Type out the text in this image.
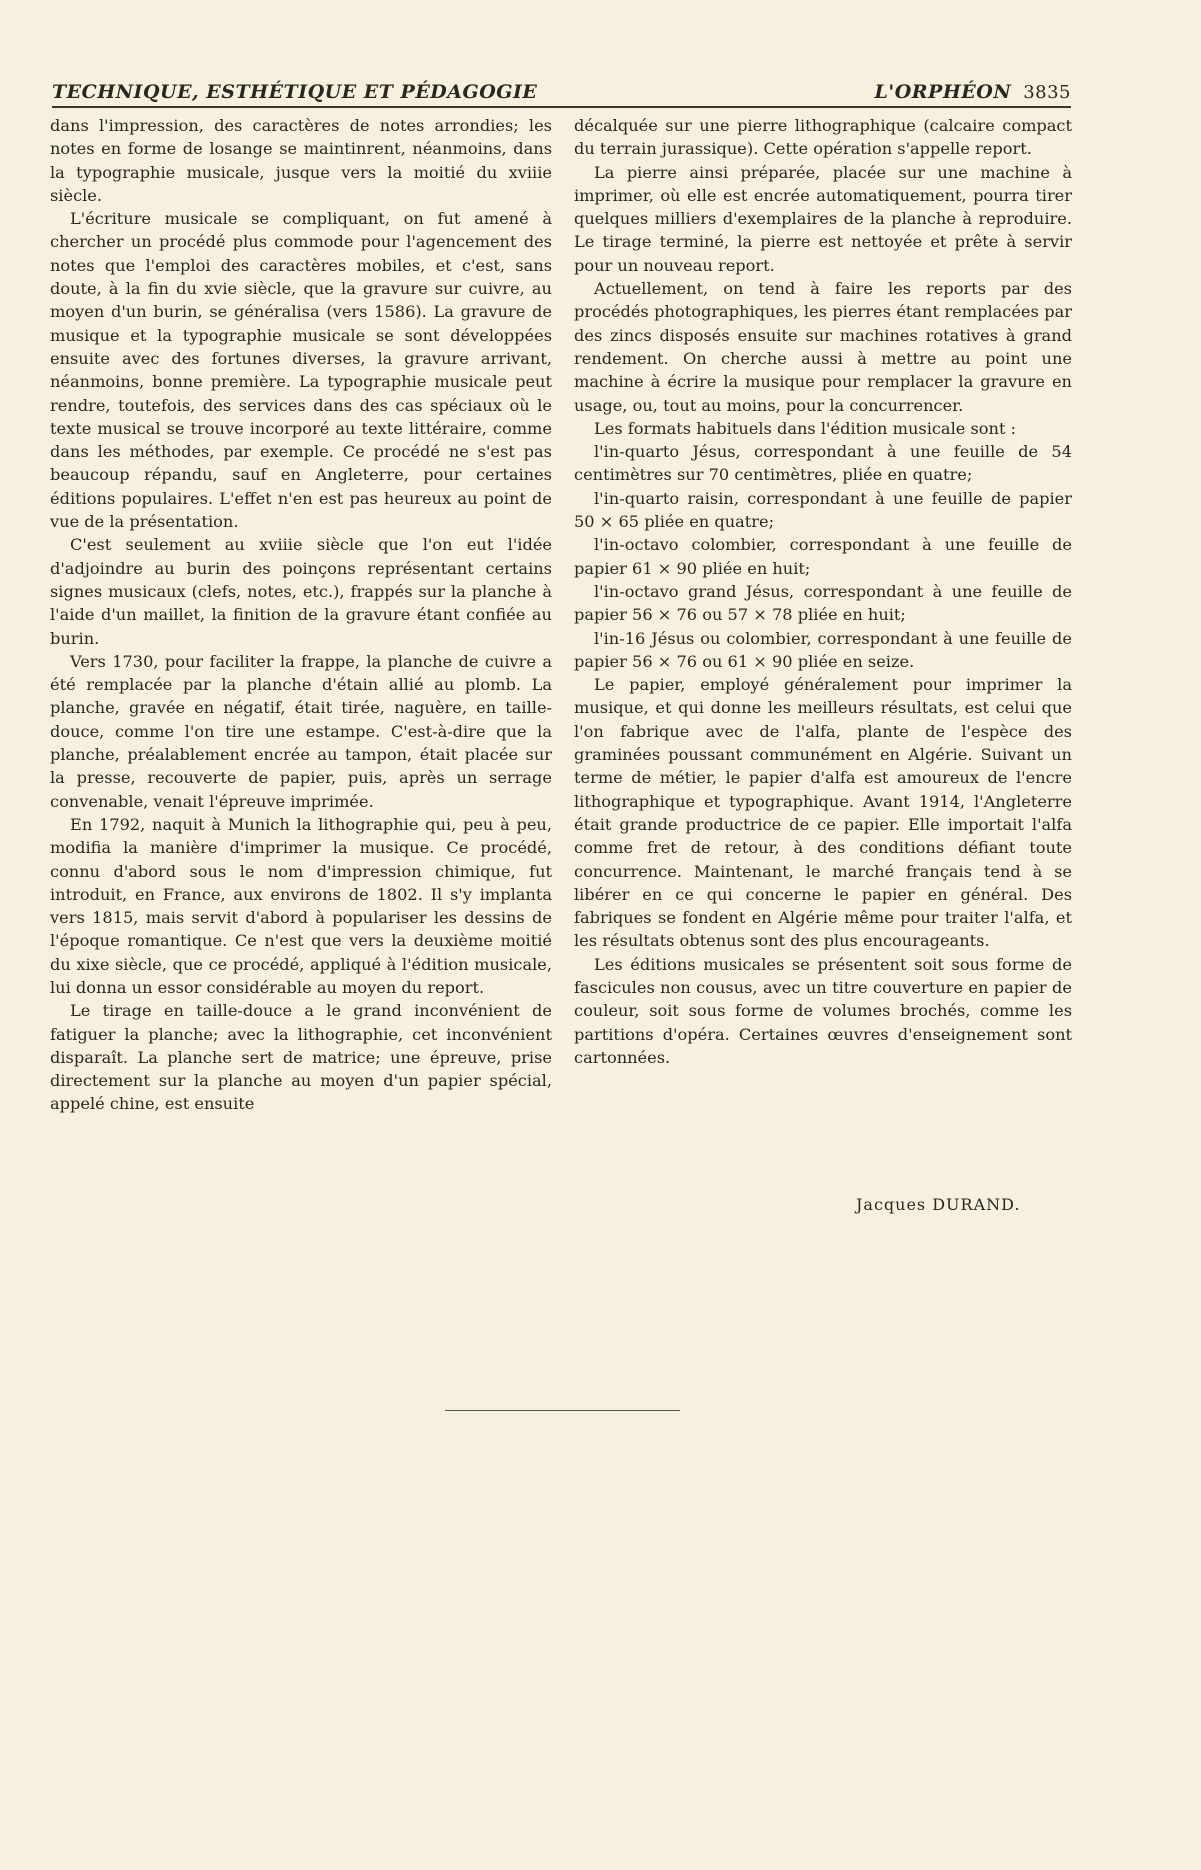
TECHNIQUE, ESTHÉTIQUE ET PÉDAGOGIE	L'ORPHÉON 3835

dans l'impression, des caractères de notes arrondies; les notes en forme de losange se maintinrent, néanmoins, dans la typographie musicale, jusque vers la moitié du xviiie siècle.

L'écriture musicale se compliquant, on fut amené à chercher un procédé plus commode pour l'agencement des notes que l'emploi des caractères mobiles, et c'est, sans doute, à la fin du xvie siècle, que la gravure sur cuivre, au moyen d'un burin, se généralisa (vers 1586). La gravure de musique et la typographie musicale se sont développées ensuite avec des fortunes diverses, la gravure arrivant, néanmoins, bonne première. La typographie musicale peut rendre, toutefois, des services dans des cas spéciaux où le texte musical se trouve incorporé au texte littéraire, comme dans les méthodes, par exemple. Ce procédé ne s'est pas beaucoup répandu, sauf en Angleterre, pour certaines éditions populaires. L'effet n'en est pas heureux au point de vue de la présentation.

C'est seulement au xviiie siècle que l'on eut l'idée d'adjoindre au burin des poinçons représentant certains signes musicaux (clefs, notes, etc.), frappés sur la planche à l'aide d'un maillet, la finition de la gravure étant confiée au burin.

Vers 1730, pour faciliter la frappe, la planche de cuivre a été remplacée par la planche d'étain allié au plomb. La planche, gravée en négatif, était tirée, naguère, en taille-douce, comme l'on tire une estampe. C'est-à-dire que la planche, préalablement encrée au tampon, était placée sur la presse, recouverte de papier, puis, après un serrage convenable, venait l'épreuve imprimée.

En 1792, naquit à Munich la lithographie qui, peu à peu, modifia la manière d'imprimer la musique. Ce procédé, connu d'abord sous le nom d'impression chimique, fut introduit, en France, aux environs de 1802. Il s'y implanta vers 1815, mais servit d'abord à populariser les dessins de l'époque romantique. Ce n'est que vers la deuxième moitié du xixe siècle, que ce procédé, appliqué à l'édition musicale, lui donna un essor considérable au moyen du report.

Le tirage en taille-douce a le grand inconvénient de fatiguer la planche; avec la lithographie, cet inconvénient disparaît. La planche sert de matrice; une épreuve, prise directement sur la planche au moyen d'un papier spécial, appelé chine, est ensuite

décalquée sur une pierre lithographique (calcaire compact du terrain jurassique). Cette opération s'appelle report.

La pierre ainsi préparée, placée sur une machine à imprimer, où elle est encrée automatiquement, pourra tirer quelques milliers d'exemplaires de la planche à reproduire. Le tirage terminé, la pierre est nettoyée et prête à servir pour un nouveau report.

Actuellement, on tend à faire les reports par des procédés photographiques, les pierres étant remplacées par des zincs disposés ensuite sur machines rotatives à grand rendement. On cherche aussi à mettre au point une machine à écrire la musique pour remplacer la gravure en usage, ou, tout au moins, pour la concurrencer.

Les formats habituels dans l'édition musicale sont :

l'in-quarto Jésus, correspondant à une feuille de 54 centimètres sur 70 centimètres, pliée en quatre;

l'in-quarto raisin, correspondant à une feuille de papier 50 × 65 pliée en quatre;

l'in-octavo colombier, correspondant à une feuille de papier 61 × 90 pliée en huit;

l'in-octavo grand Jésus, correspondant à une feuille de papier 56 × 76 ou 57 × 78 pliée en huit;

l'in-16 Jésus ou colombier, correspondant à une feuille de papier 56 × 76 ou 61 × 90 pliée en seize.

Le papier, employé généralement pour imprimer la musique, et qui donne les meilleurs résultats, est celui que l'on fabrique avec de l'alfa, plante de l'espèce des graminées poussant communément en Algérie. Suivant un terme de métier, le papier d'alfa est amoureux de l'encre lithographique et typographique. Avant 1914, l'Angleterre était grande productrice de ce papier. Elle importait l'alfa comme fret de retour, à des conditions défiant toute concurrence. Maintenant, le marché français tend à se libérer en ce qui concerne le papier en général. Des fabriques se fondent en Algérie même pour traiter l'alfa, et les résultats obtenus sont des plus encourageants.

Les éditions musicales se présentent soit sous forme de fascicules non cousus, avec un titre couverture en papier de couleur, soit sous forme de volumes brochés, comme les partitions d'opéra. Certaines œuvres d'enseignement sont cartonnées.

Jacques DURAND.
